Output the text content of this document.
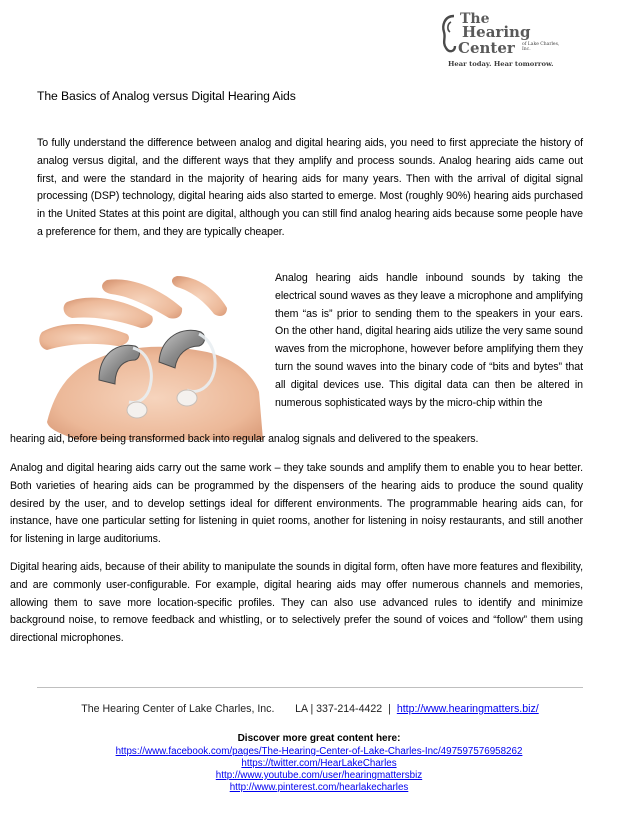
The
Hearing
Center of Lake Charles, Inc.
Hear today. Hear tomorrow.
The Basics of Analog versus Digital Hearing Aids

To fully understand the difference between analog and digital hearing aids, you need to first appreciate the history of analog versus digital, and the different ways that they amplify and process sounds. Analog hearing aids came out first, and were the standard in the majority of hearing aids for many years. Then with the arrival of digital signal processing (DSP) technology, digital hearing aids also started to emerge. Most (roughly 90%) hearing aids purchased in the United States at this point are digital, although you can still find analog hearing aids because some people have a preference for them, and they are typically cheaper.

Analog hearing aids handle inbound sounds by taking the electrical sound waves as they leave a microphone and amplifying them “as is” prior to sending them to the speakers in your ears. On the other hand, digital hearing aids utilize the very same sound waves from the microphone, however before amplifying them they turn the sound waves into the binary code of “bits and bytes” that all digital devices use. This digital data can then be altered in numerous sophisticated ways by the micro-chip within the

hearing aid, before being transformed back into regular analog signals and delivered to the speakers.

Analog and digital hearing aids carry out the same work – they take sounds and amplify them to enable you to hear better. Both varieties of hearing aids can be programmed by the dispensers of the hearing aids to produce the sound quality desired by the user, and to develop settings ideal for different environments. The programmable hearing aids can, for instance, have one particular setting for listening in quiet rooms, another for listening in noisy restaurants, and still another for listening in large auditoriums.

Digital hearing aids, because of their ability to manipulate the sounds in digital form, often have more features and flexibility, and are commonly user-configurable. For example, digital hearing aids may offer numerous channels and memories, allowing them to save more location-specific profiles. They can also use advanced rules to identify and minimize background noise, to remove feedback and whistling, or to selectively prefer the sound of voices and “follow” them using directional microphones.

The Hearing Center of Lake Charles, Inc. LA | 337-214-4422 | http://www.hearingmatters.biz/
Discover more great content here:
https://www.facebook.com/pages/The-Hearing-Center-of-Lake-Charles-Inc/497597576958262
https://twitter.com/HearLakeCharles
http://www.youtube.com/user/hearingmattersbiz
http://www.pinterest.com/hearlakecharles
